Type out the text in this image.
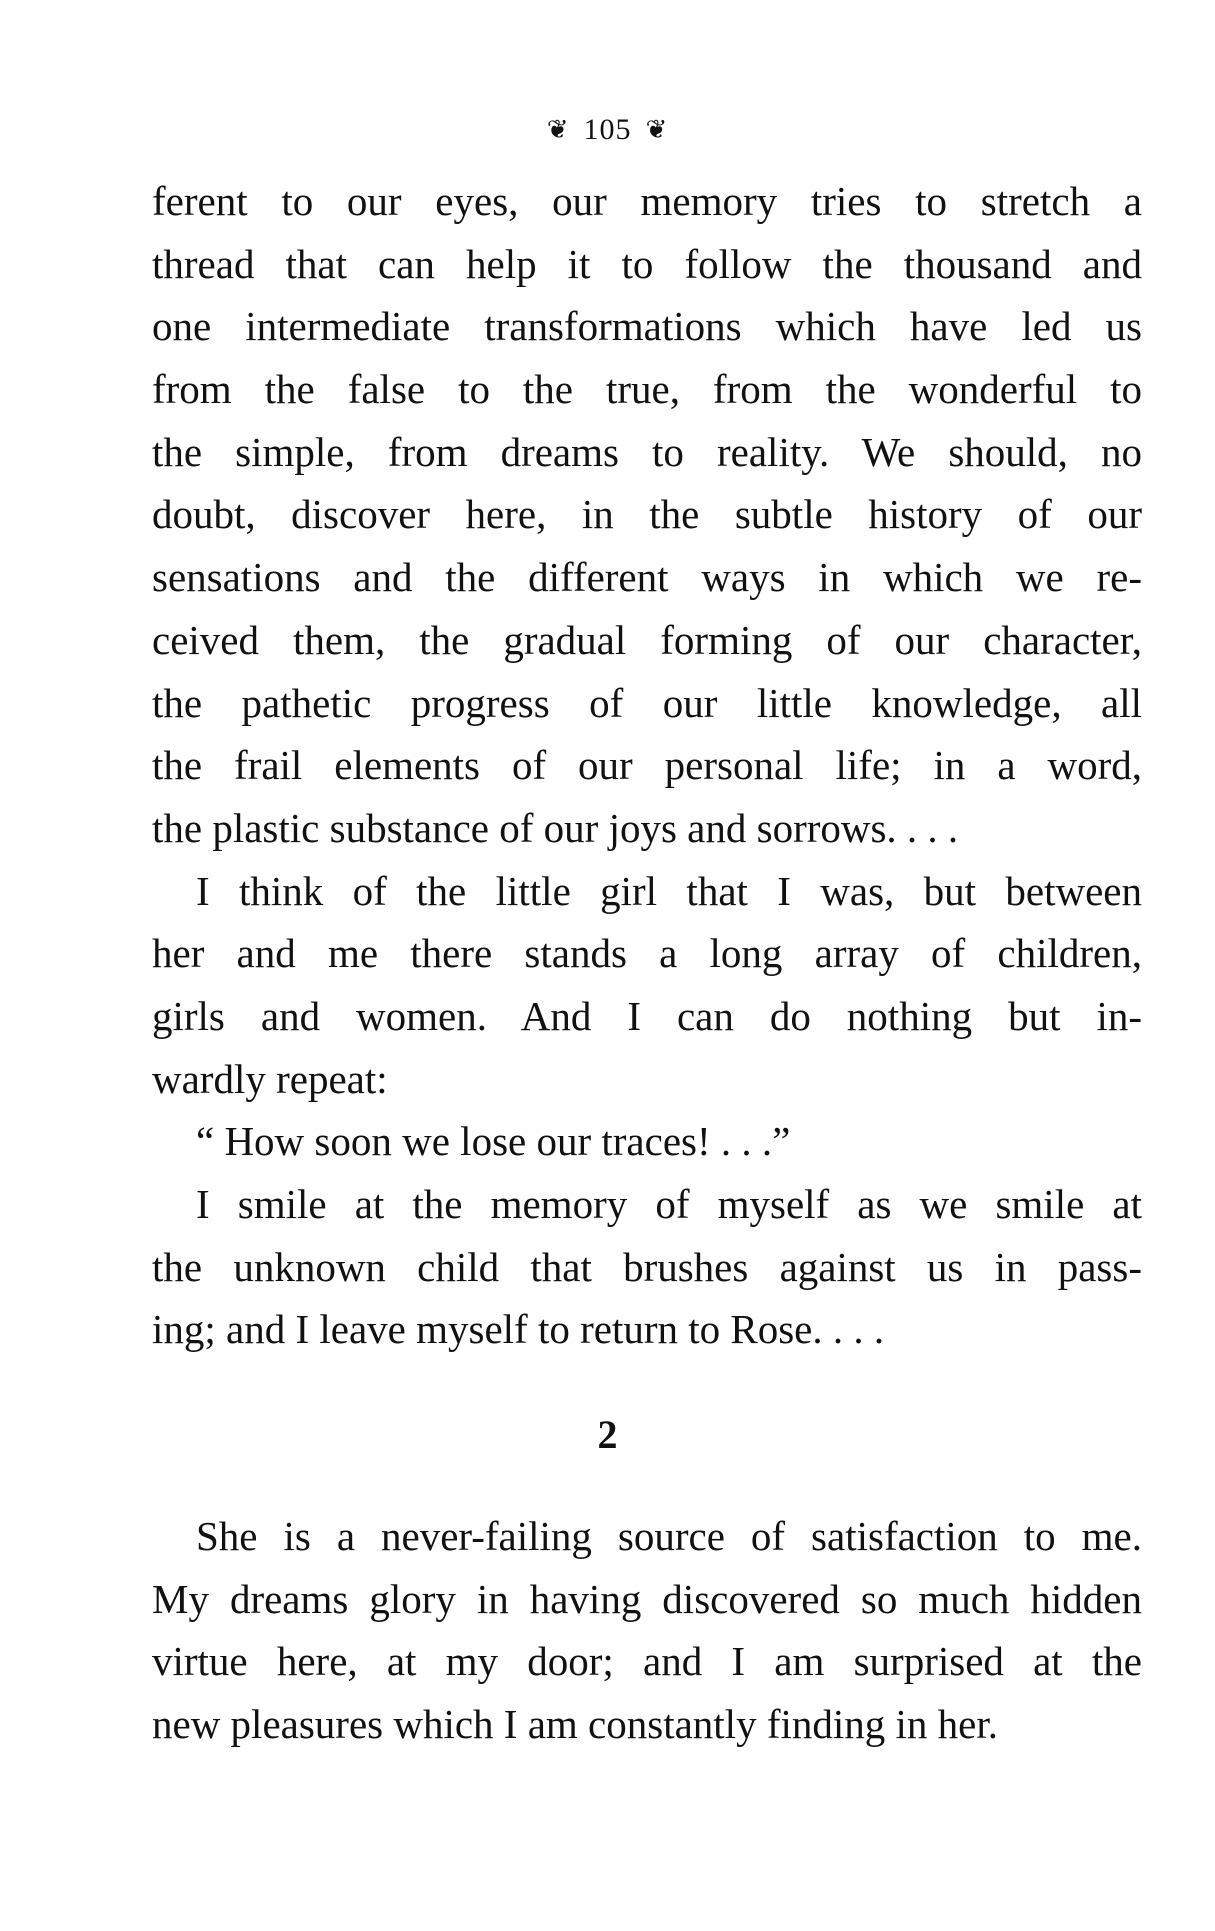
❦ 105 ❦
ferent to our eyes, our memory tries to stretch a
thread that can help it to follow the thousand and
one intermediate transformations which have led us
from the false to the true, from the wonderful to
the simple, from dreams to reality. We should, no
doubt, discover here, in the subtle history of our
sensations and the different ways in which we re-
ceived them, the gradual forming of our character,
the pathetic progress of our little knowledge, all
the frail elements of our personal life; in a word,
the plastic substance of our joys and sorrows. . . .
I think of the little girl that I was, but between
her and me there stands a long array of children,
girls and women. And I can do nothing but in-
wardly repeat:
“ How soon we lose our traces! . . .”
I smile at the memory of myself as we smile at
the unknown child that brushes against us in pass-
ing; and I leave myself to return to Rose. . . .
2
She is a never-failing source of satisfaction to me.
My dreams glory in having discovered so much hidden
virtue here, at my door; and I am surprised at the
new pleasures which I am constantly finding in her.
